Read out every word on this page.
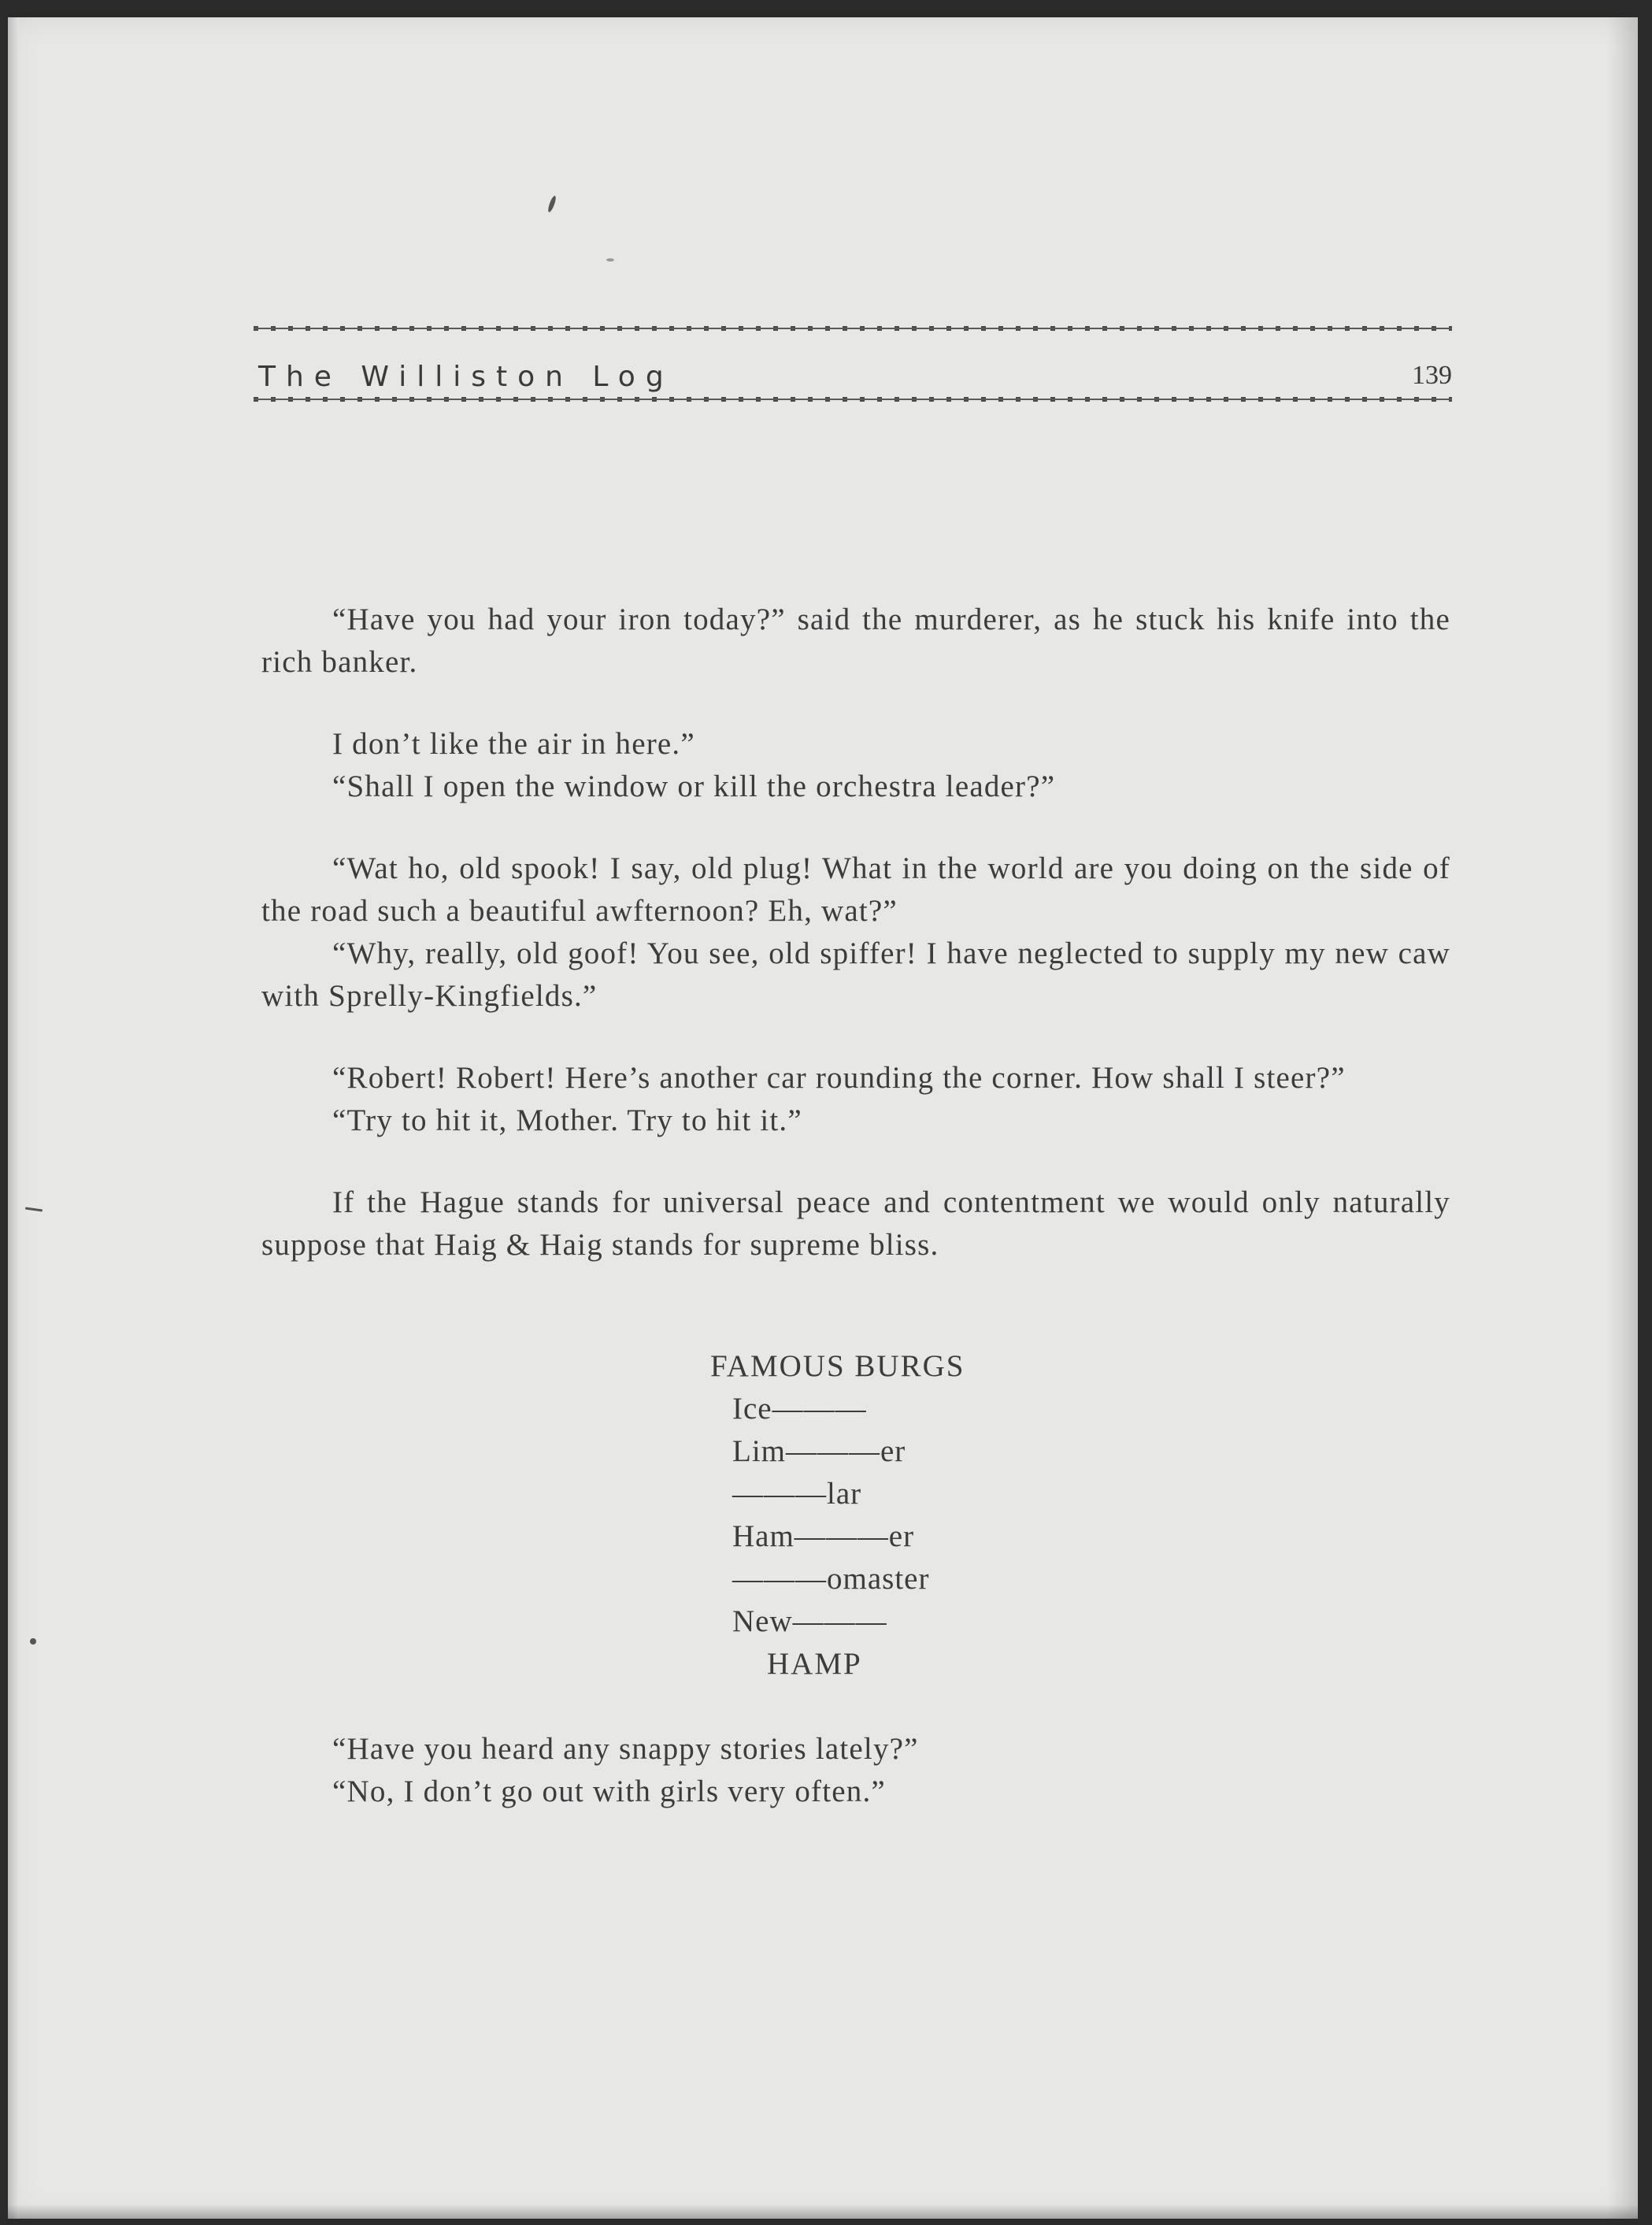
The Williston Log	139

“Have you had your iron today?” said the murderer, as he stuck his knife into the rich banker.

I don’t like the air in here.”

“Shall I open the window or kill the orchestra leader?”

“Wat ho, old spook! I say, old plug! What in the world are you doing on the side of the road such a beautiful awfternoon? Eh, wat?”

“Why, really, old goof! You see, old spiffer! I have neglected to supply my new caw with Sprelly-Kingfields.”

“Robert! Robert! Here’s another car rounding the corner. How shall I steer?”

“Try to hit it, Mother. Try to hit it.”

If the Hague stands for universal peace and contentment we would only naturally suppose that Haig & Haig stands for supreme bliss.

FAMOUS BURGS
Ice———
Lim———er
———lar
Ham———er
———omaster
New———
HAMP
“Have you heard any snappy stories lately?”
“No, I don’t go out with girls very often.”
